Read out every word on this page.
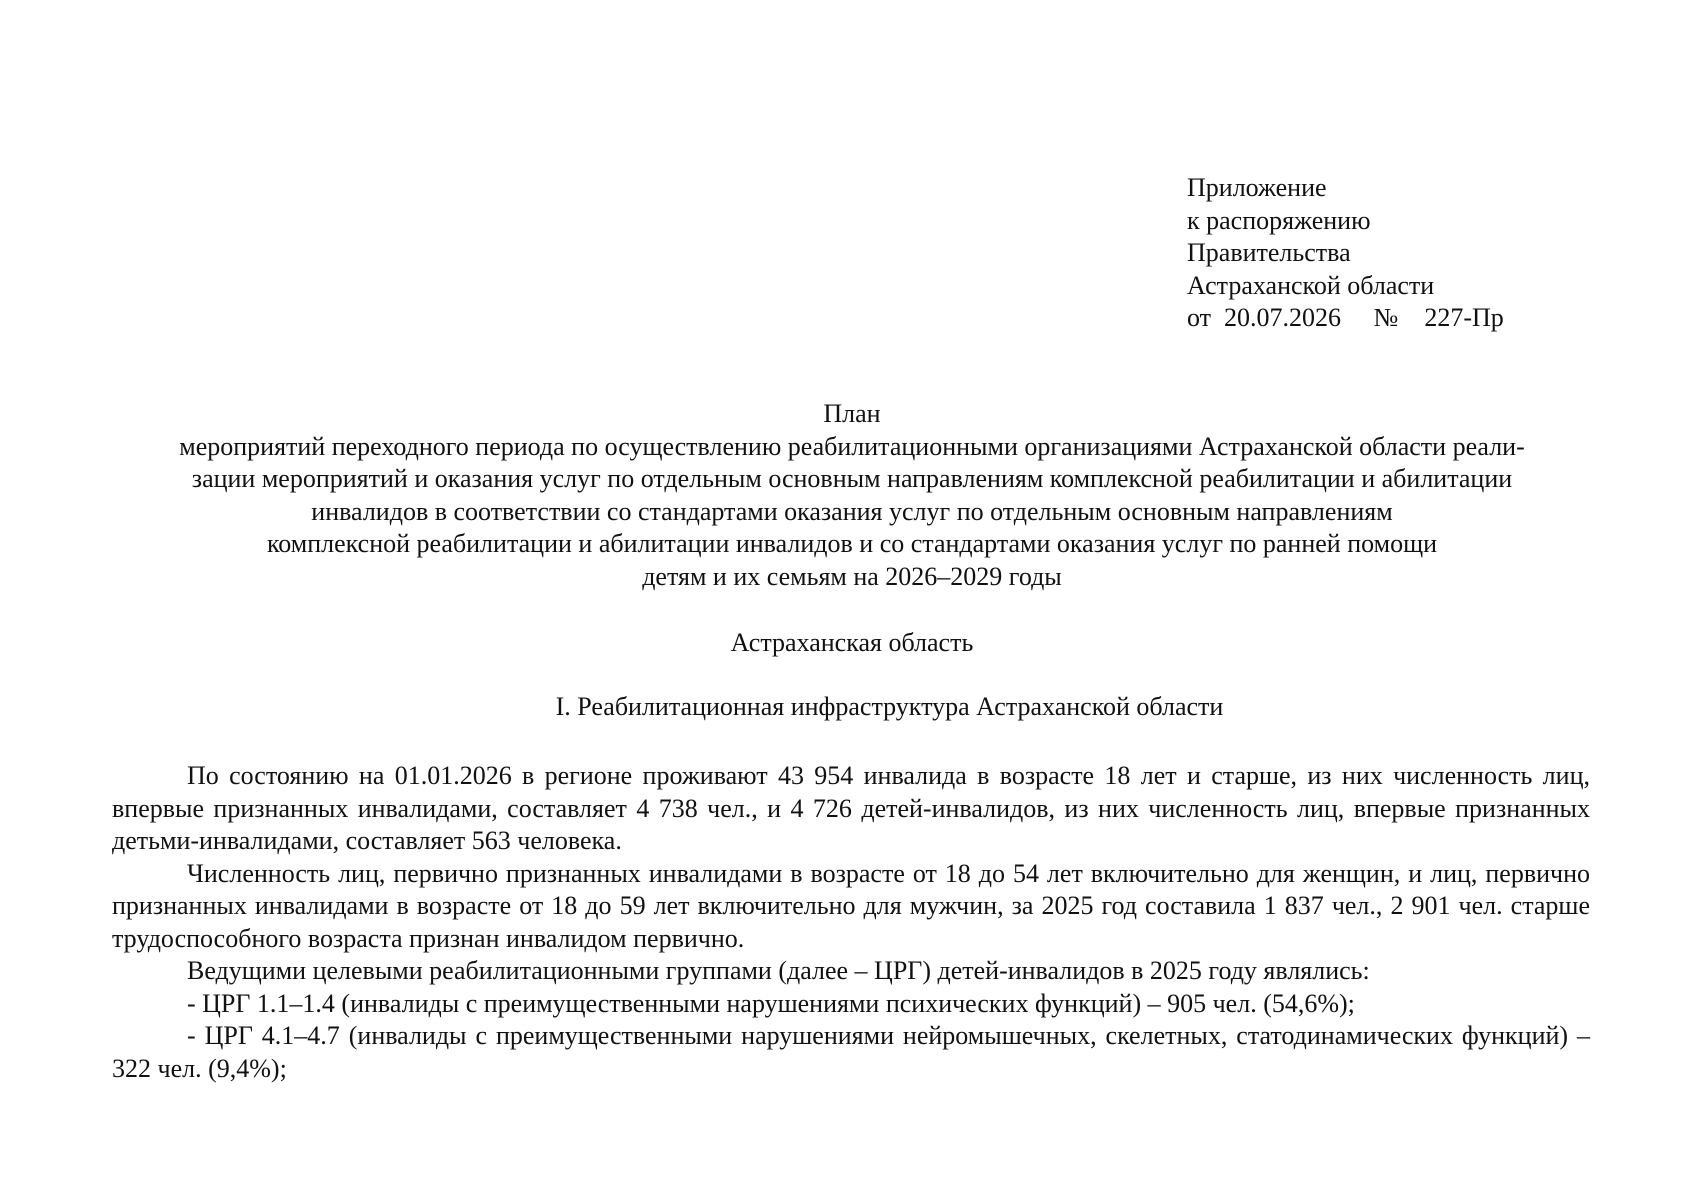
Приложение
к распоряжению
Правительства
Астраханской области
от 20.07.2026 № 227-Пр
План
мероприятий переходного периода по осуществлению реабилитационными организациями Астраханской области реали-
зации мероприятий и оказания услуг по отдельным основным направлениям комплексной реабилитации и абилитации
инвалидов в соответствии со стандартами оказания услуг по отдельным основным направлениям
комплексной реабилитации и абилитации инвалидов и со стандартами оказания услуг по ранней помощи
детям и их семьям на 2026–2029 годы
Астраханская область
I. Реабилитационная инфраструктура Астраханской области

По состоянию на 01.01.2026 в регионе проживают 43 954 инвалида в возрасте 18 лет и старше, из них численность лиц, впервые признанных инвалидами, составляет 4 738 чел., и 4 726 детей-инвалидов, из них численность лиц, впервые признанных детьми-инвалидами, составляет 563 человека.

Численность лиц, первично признанных инвалидами в возрасте от 18 до 54 лет включительно для женщин, и лиц, первично признанных инвалидами в возрасте от 18 до 59 лет включительно для мужчин, за 2025 год составила 1 837 чел., 2 901 чел. старше трудоспособного возраста признан инвалидом первично.

Ведущими целевыми реабилитационными группами (далее – ЦРГ) детей-инвалидов в 2025 году являлись:

- ЦРГ 1.1–1.4 (инвалиды с преимущественными нарушениями психических функций) – 905 чел. (54,6%);

- ЦРГ 4.1–4.7 (инвалиды с преимущественными нарушениями нейромышечных, скелетных, статодинамических функций) – 322 чел. (9,4%);
